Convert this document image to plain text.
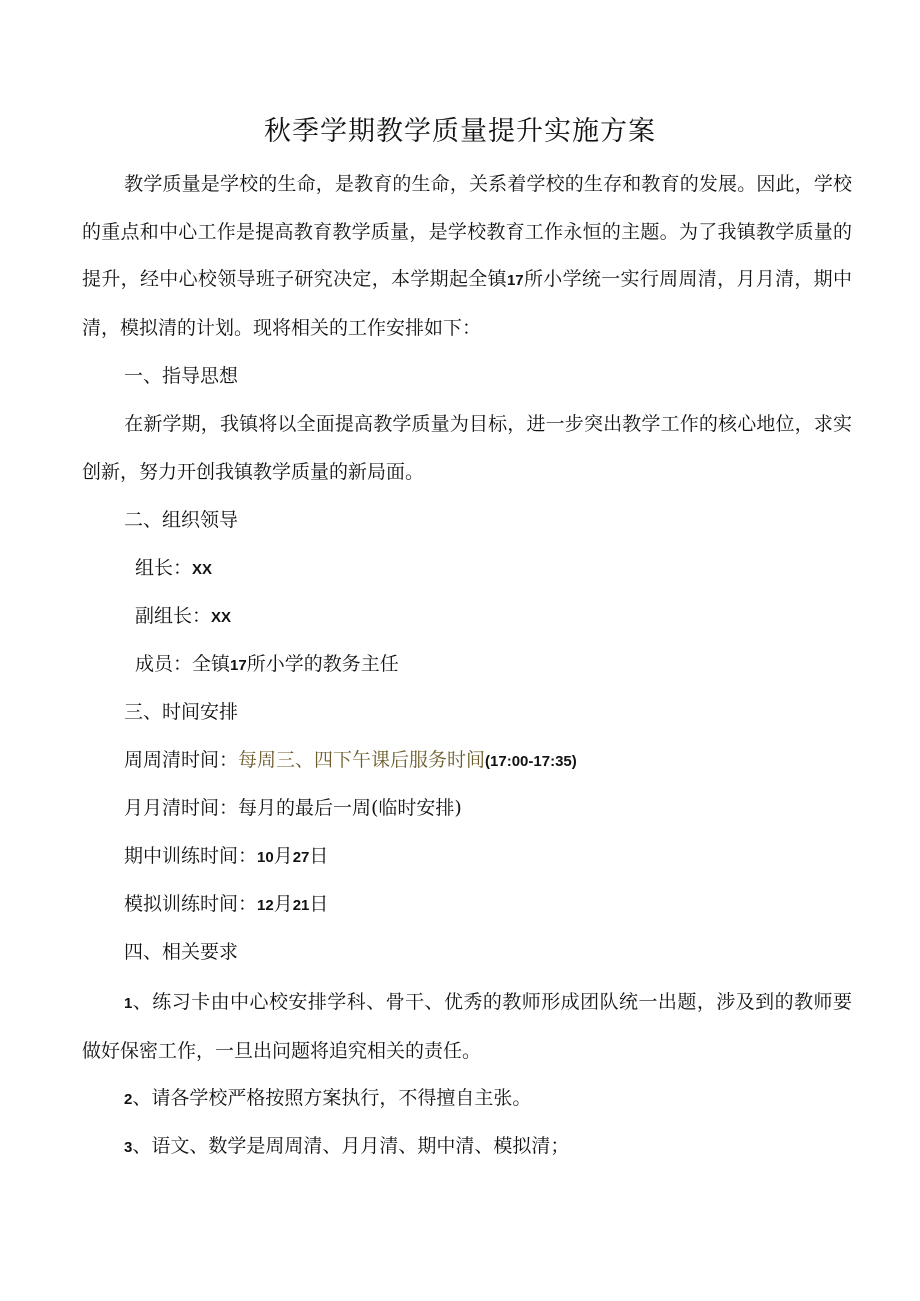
秋季学期教学质量提升实施方案
教学质量是学校的生命，是教育的生命，关系着学校的生存和教育的发展。因此，学校的重点和中心工作是提高教育教学质量，是学校教育工作永恒的主题。为了我镇教学质量的提升，经中心校领导班子研究决定，本学期起全镇17所小学统一实行周周清，月月清，期中清，模拟清的计划。现将相关的工作安排如下：
一、指导思想
在新学期，我镇将以全面提高教学质量为目标，进一步突出教学工作的核心地位，求实创新，努力开创我镇教学质量的新局面。
二、组织领导
组长：XX
副组长：XX
成员：全镇17所小学的教务主任
三、时间安排
周周清时间：每周三、四下午课后服务时间(17:00-17:35)
月月清时间：每月的最后一周(临时安排)
期中训练时间：10月27日
模拟训练时间：12月21日
四、相关要求
1、练习卡由中心校安排学科、骨干、优秀的教师形成团队统一出题，涉及到的教师要做好保密工作，一旦出问题将追究相关的责任。
2、请各学校严格按照方案执行，不得擅自主张。
3、语文、数学是周周清、月月清、期中清、模拟清；
